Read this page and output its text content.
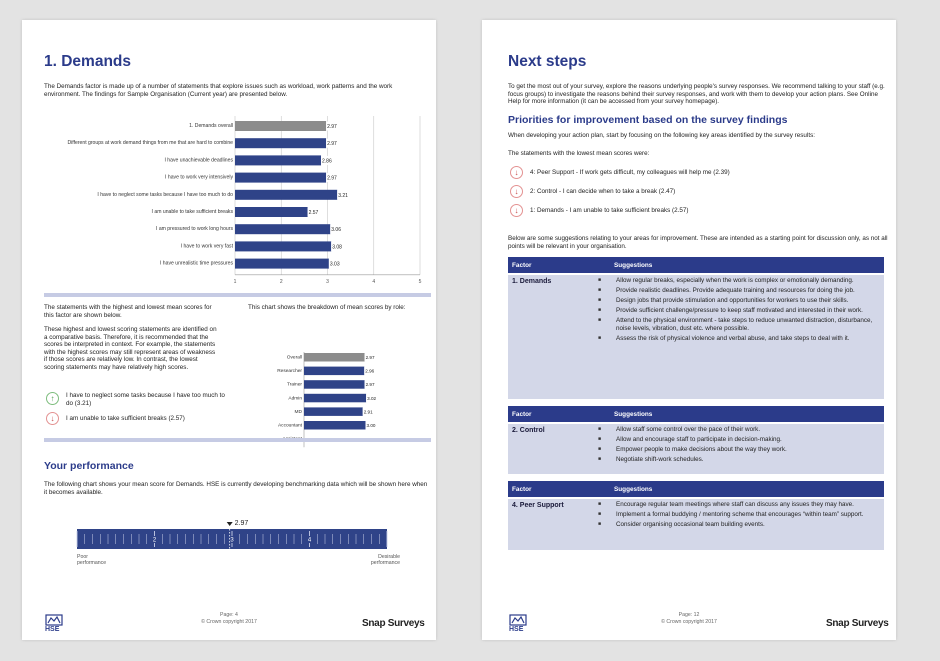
1. Demands
The Demands factor is made up of a number of statements that explore issues such as workload, work patterns and the work environment. The findings for Sample Organisation (Current year) are presented below.
1	2	3	4	5
1. Demands overall	2.97
Different groups at work demand things from me that are hard to combine	2.97
I have unachievable deadlines	2.86
I have to work very intensively	2.97
I have to neglect some tasks because I have too much to do	3.21
I am unable to take sufficient breaks	2.57
I am pressured to work long hours	3.06
I have to work very fast	3.08
I have unrealistic time pressures	3.03
The statements with the highest and lowest mean scores for this factor are shown below.
These highest and lowest scoring statements are identified on a comparative basis. Therefore, it is recommended that the scores be interpreted in context. For example, the statements with the highest scores may still represent areas of weakness if those scores are relatively low. In contrast, the lowest scoring statements may have relatively high scores.
↑	I have to neglect some tasks because I have too much to do (3.21)
↓	I am unable to take sufficient breaks (2.57)
This chart shows the breakdown of mean scores by role:
Overall	2.97
Researcher	2.96
Trainer	2.97
Admin	3.02
MD	2.91
Accountant	3.00
Your performance
The following chart shows your mean score for Demands. HSE is currently developing benchmarking data which will be shown here when it becomes available.
2	3	4
2.97
Poor
performance
Desirable
performance
HSE
Page: 4
© Crown copyright 2017	Snap Surveys
Next steps
To get the most out of your survey, explore the reasons underlying people's survey responses. We recommend talking to your staff (e.g. focus groups) to investigate the reasons behind their survey responses, and work with them to develop your action plans. See Online Help for more information (it can be accessed from your survey homepage).
Priorities for improvement based on the survey findings
When developing your action plan, start by focusing on the following key areas identified by the survey results:
The statements with the lowest mean scores were:
↓	4: Peer Support - If work gets difficult, my colleagues will help me (2.39)
↓	2: Control - I can decide when to take a break (2.47)
↓	1: Demands - I am unable to take sufficient breaks (2.57)
Below are some suggestions relating to your areas for improvement. These are intended as a starting point for discussion only, as not all points will be relevant in your organisation.
Factor	Suggestions
1. Demands	■	Allow regular breaks, especially when the work is complex or emotionally demanding.
■	Provide realistic deadlines. Provide adequate training and resources for doing the job.
■	Design jobs that provide stimulation and opportunities for workers to use their skills.
■	Provide sufficient challenge/pressure to keep staff motivated and interested in their work.
■	Attend to the physical environment - take steps to reduce unwanted distraction, disturbance, noise levels, vibration, dust etc. where possible.
■	Assess the risk of physical violence and verbal abuse, and take steps to deal with it.
Factor	Suggestions
2. Control	■	Allow staff some control over the pace of their work.
■	Allow and encourage staff to participate in decision-making.
■	Empower people to make decisions about the way they work.
■	Negotiate shift-work schedules.
Factor	Suggestions
4. Peer Support	■	Encourage regular team meetings where staff can discuss any issues they may have.
■	Implement a formal buddying / mentoring scheme that encourages “within team” support.
■	Consider organising occasional team building events.
HSE
Page: 12
© Crown copyright 2017	Snap Surveys
